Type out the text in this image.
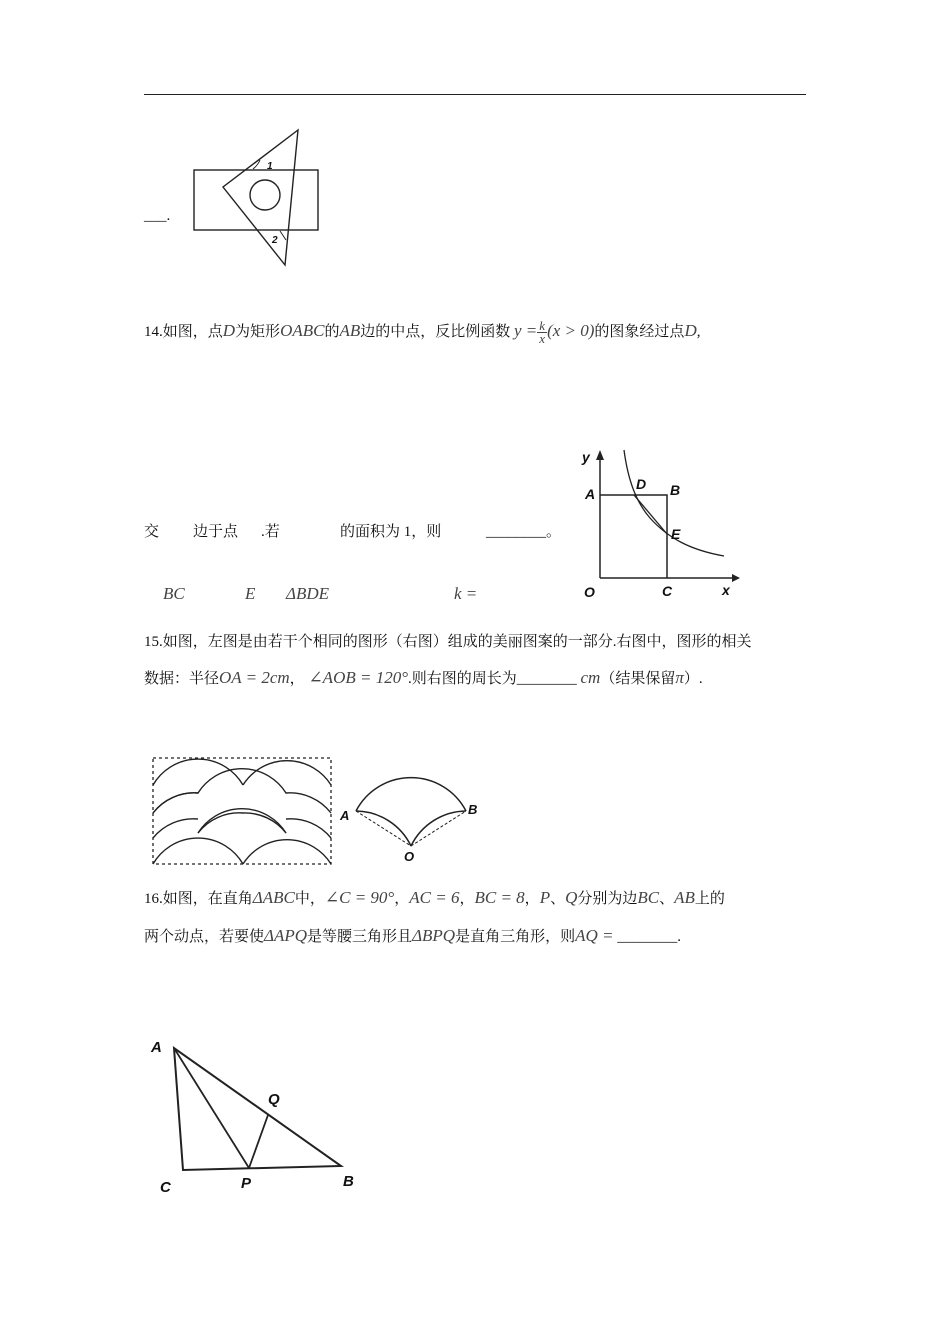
___.
1
2
14.如图，点D为矩形OABC的AB边的中点，反比例函数 $y = \frac{k}{x} (x > 0)$的图象经过点D,
交 边于点 .若	的面积为 1，则	________。
BC	E ΔBDE	k =
y
x
A	B
D
E
C
O
15.如图，左图是由若干个相同的图形（右图）组成的美丽图案的一部分.右图中，图形的相关
数据：半径OA = 2cm， ∠AOB = 120°.则右图的周长为________ cm（结果保留π）.
A	B
O
16.如图，在直角ΔABC中，∠C = 90°，AC = 6，BC = 8，P、Q分别为边BC、AB上的
两个动点，若要使ΔAPQ是等腰三角形且ΔBPQ是直角三角形，则AQ = ________.
A
Q
C	P	B
